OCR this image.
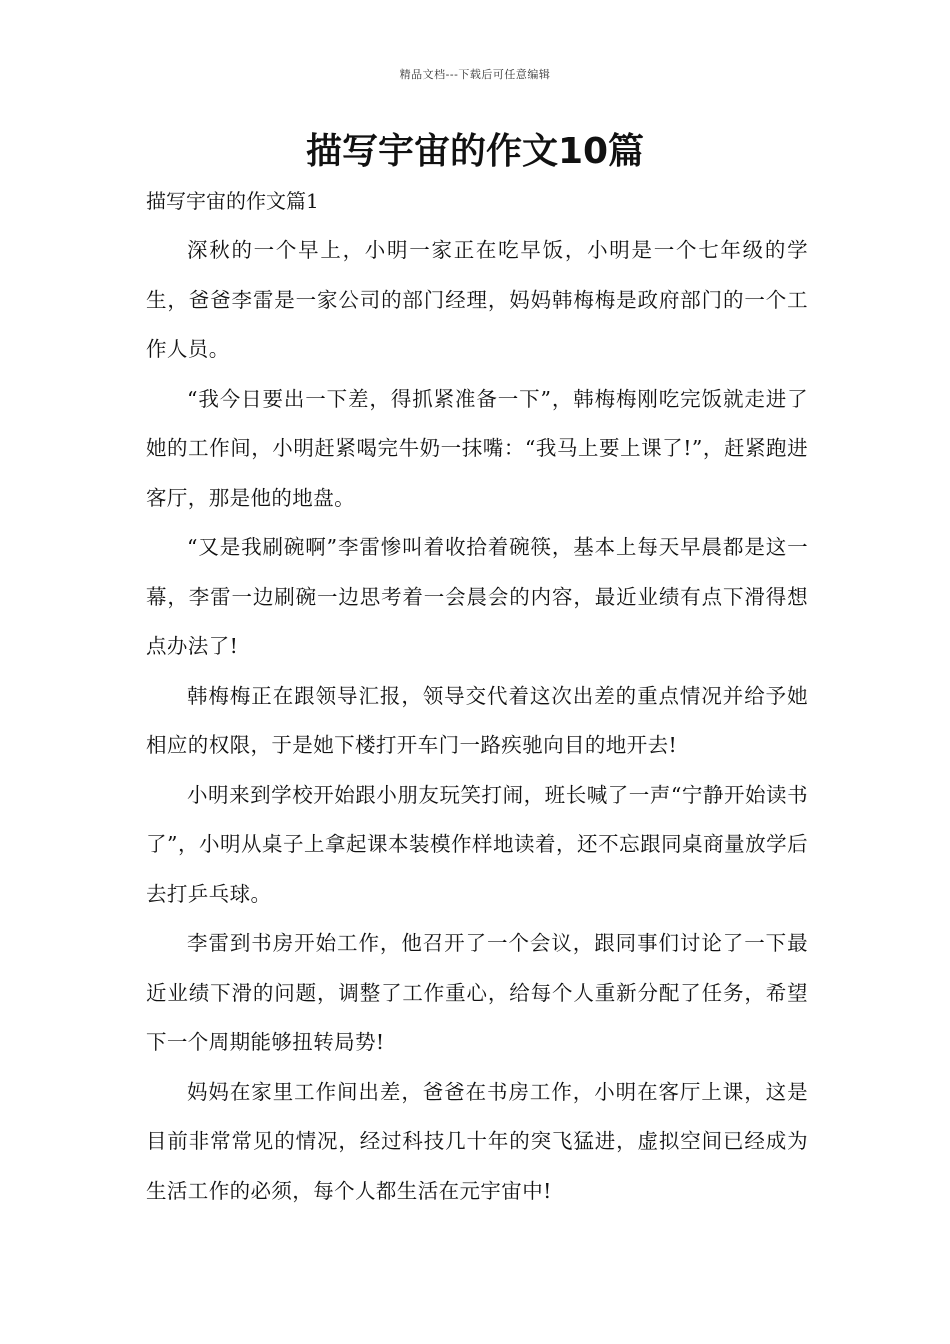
精品文档---下载后可任意编辑
描写宇宙的作文10篇
描写宇宙的作文篇1

深秋的一个早上，小明一家正在吃早饭，小明是一个七年级的学生，爸爸李雷是一家公司的部门经理，妈妈韩梅梅是政府部门的一个工作人员。

“我今日要出一下差，得抓紧准备一下”，韩梅梅刚吃完饭就走进了她的工作间，小明赶紧喝完牛奶一抹嘴：“我马上要上课了!”，赶紧跑进客厅，那是他的地盘。

“又是我刷碗啊”李雷惨叫着收拾着碗筷，基本上每天早晨都是这一幕，李雷一边刷碗一边思考着一会晨会的内容，最近业绩有点下滑得想点办法了!

韩梅梅正在跟领导汇报，领导交代着这次出差的重点情况并给予她相应的权限，于是她下楼打开车门一路疾驰向目的地开去!

小明来到学校开始跟小朋友玩笑打闹，班长喊了一声“宁静开始读书了”，小明从桌子上拿起课本装模作样地读着，还不忘跟同桌商量放学后去打乒乓球。

李雷到书房开始工作，他召开了一个会议，跟同事们讨论了一下最近业绩下滑的问题，调整了工作重心，给每个人重新分配了任务，希望下一个周期能够扭转局势!

妈妈在家里工作间出差，爸爸在书房工作，小明在客厅上课，这是目前非常常见的情况，经过科技几十年的突飞猛进，虚拟空间已经成为生活工作的必须，每个人都生活在元宇宙中!
